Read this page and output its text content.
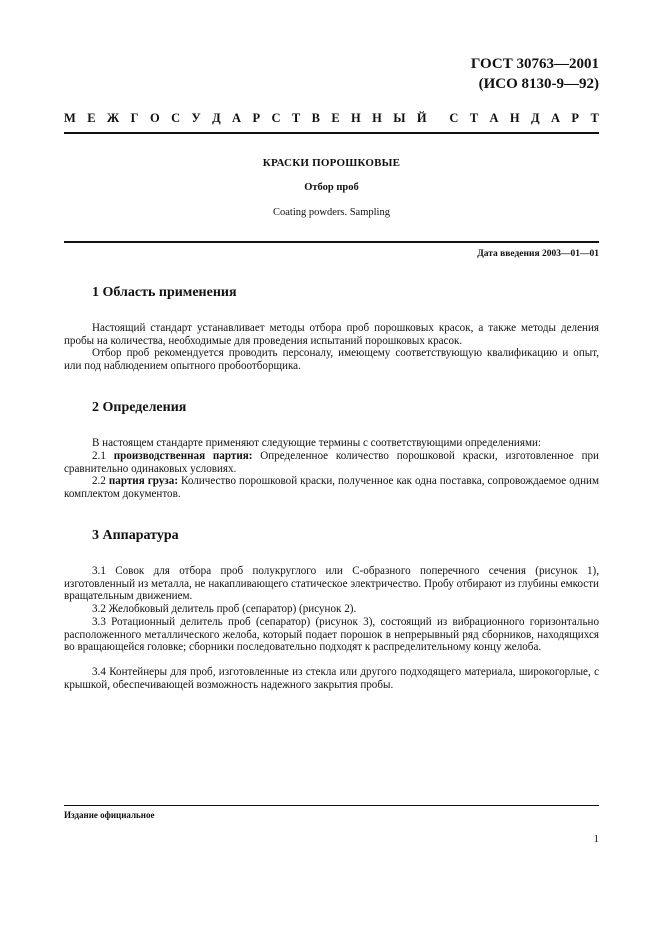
ГОСТ 30763—2001
(ИСО 8130-9—92)
М Е Ж Г О С У Д А Р С Т В Е Н Н Ы Й С Т А Н Д А Р Т
КРАСКИ ПОРОШКОВЫЕ
Отбор проб
Coating powders. Sampling
Дата введения 2003—01—01
1 Область применения
Настоящий стандарт устанавливает методы отбора проб порошковых красок, а также методы деления пробы на количества, необходимые для проведения испытаний порошковых красок.
Отбор проб рекомендуется проводить персоналу, имеющему соответствующую квалификацию и опыт, или под наблюдением опытного пробоотборщика.
2 Определения
В настоящем стандарте применяют следующие термины с соответствующими определениями:
2.1 производственная партия: Определенное количество порошковой краски, изготовленное при сравнительно одинаковых условиях.
2.2 партия груза: Количество порошковой краски, полученное как одна поставка, сопровождаемое одним комплектом документов.
3 Аппаратура
3.1 Совок для отбора проб полукруглого или С-образного поперечного сечения (рисунок 1), изготовленный из металла, не накапливающего статическое электричество. Пробу отбирают из глубины емкости вращательным движением.
3.2 Желобковый делитель проб (сепаратор) (рисунок 2).
3.3 Ротационный делитель проб (сепаратор) (рисунок 3), состоящий из вибрационного горизонтально расположенного металлического желоба, который подает порошок в непрерывный ряд сборников, находящихся во вращающейся головке; сборники последовательно подходят к распределительному концу желоба.
3.4 Контейнеры для проб, изготовленные из стекла или другого подходящего материала, широкогорлые, с крышкой, обеспечивающей возможность надежного закрытия пробы.
Издание официальное
1
